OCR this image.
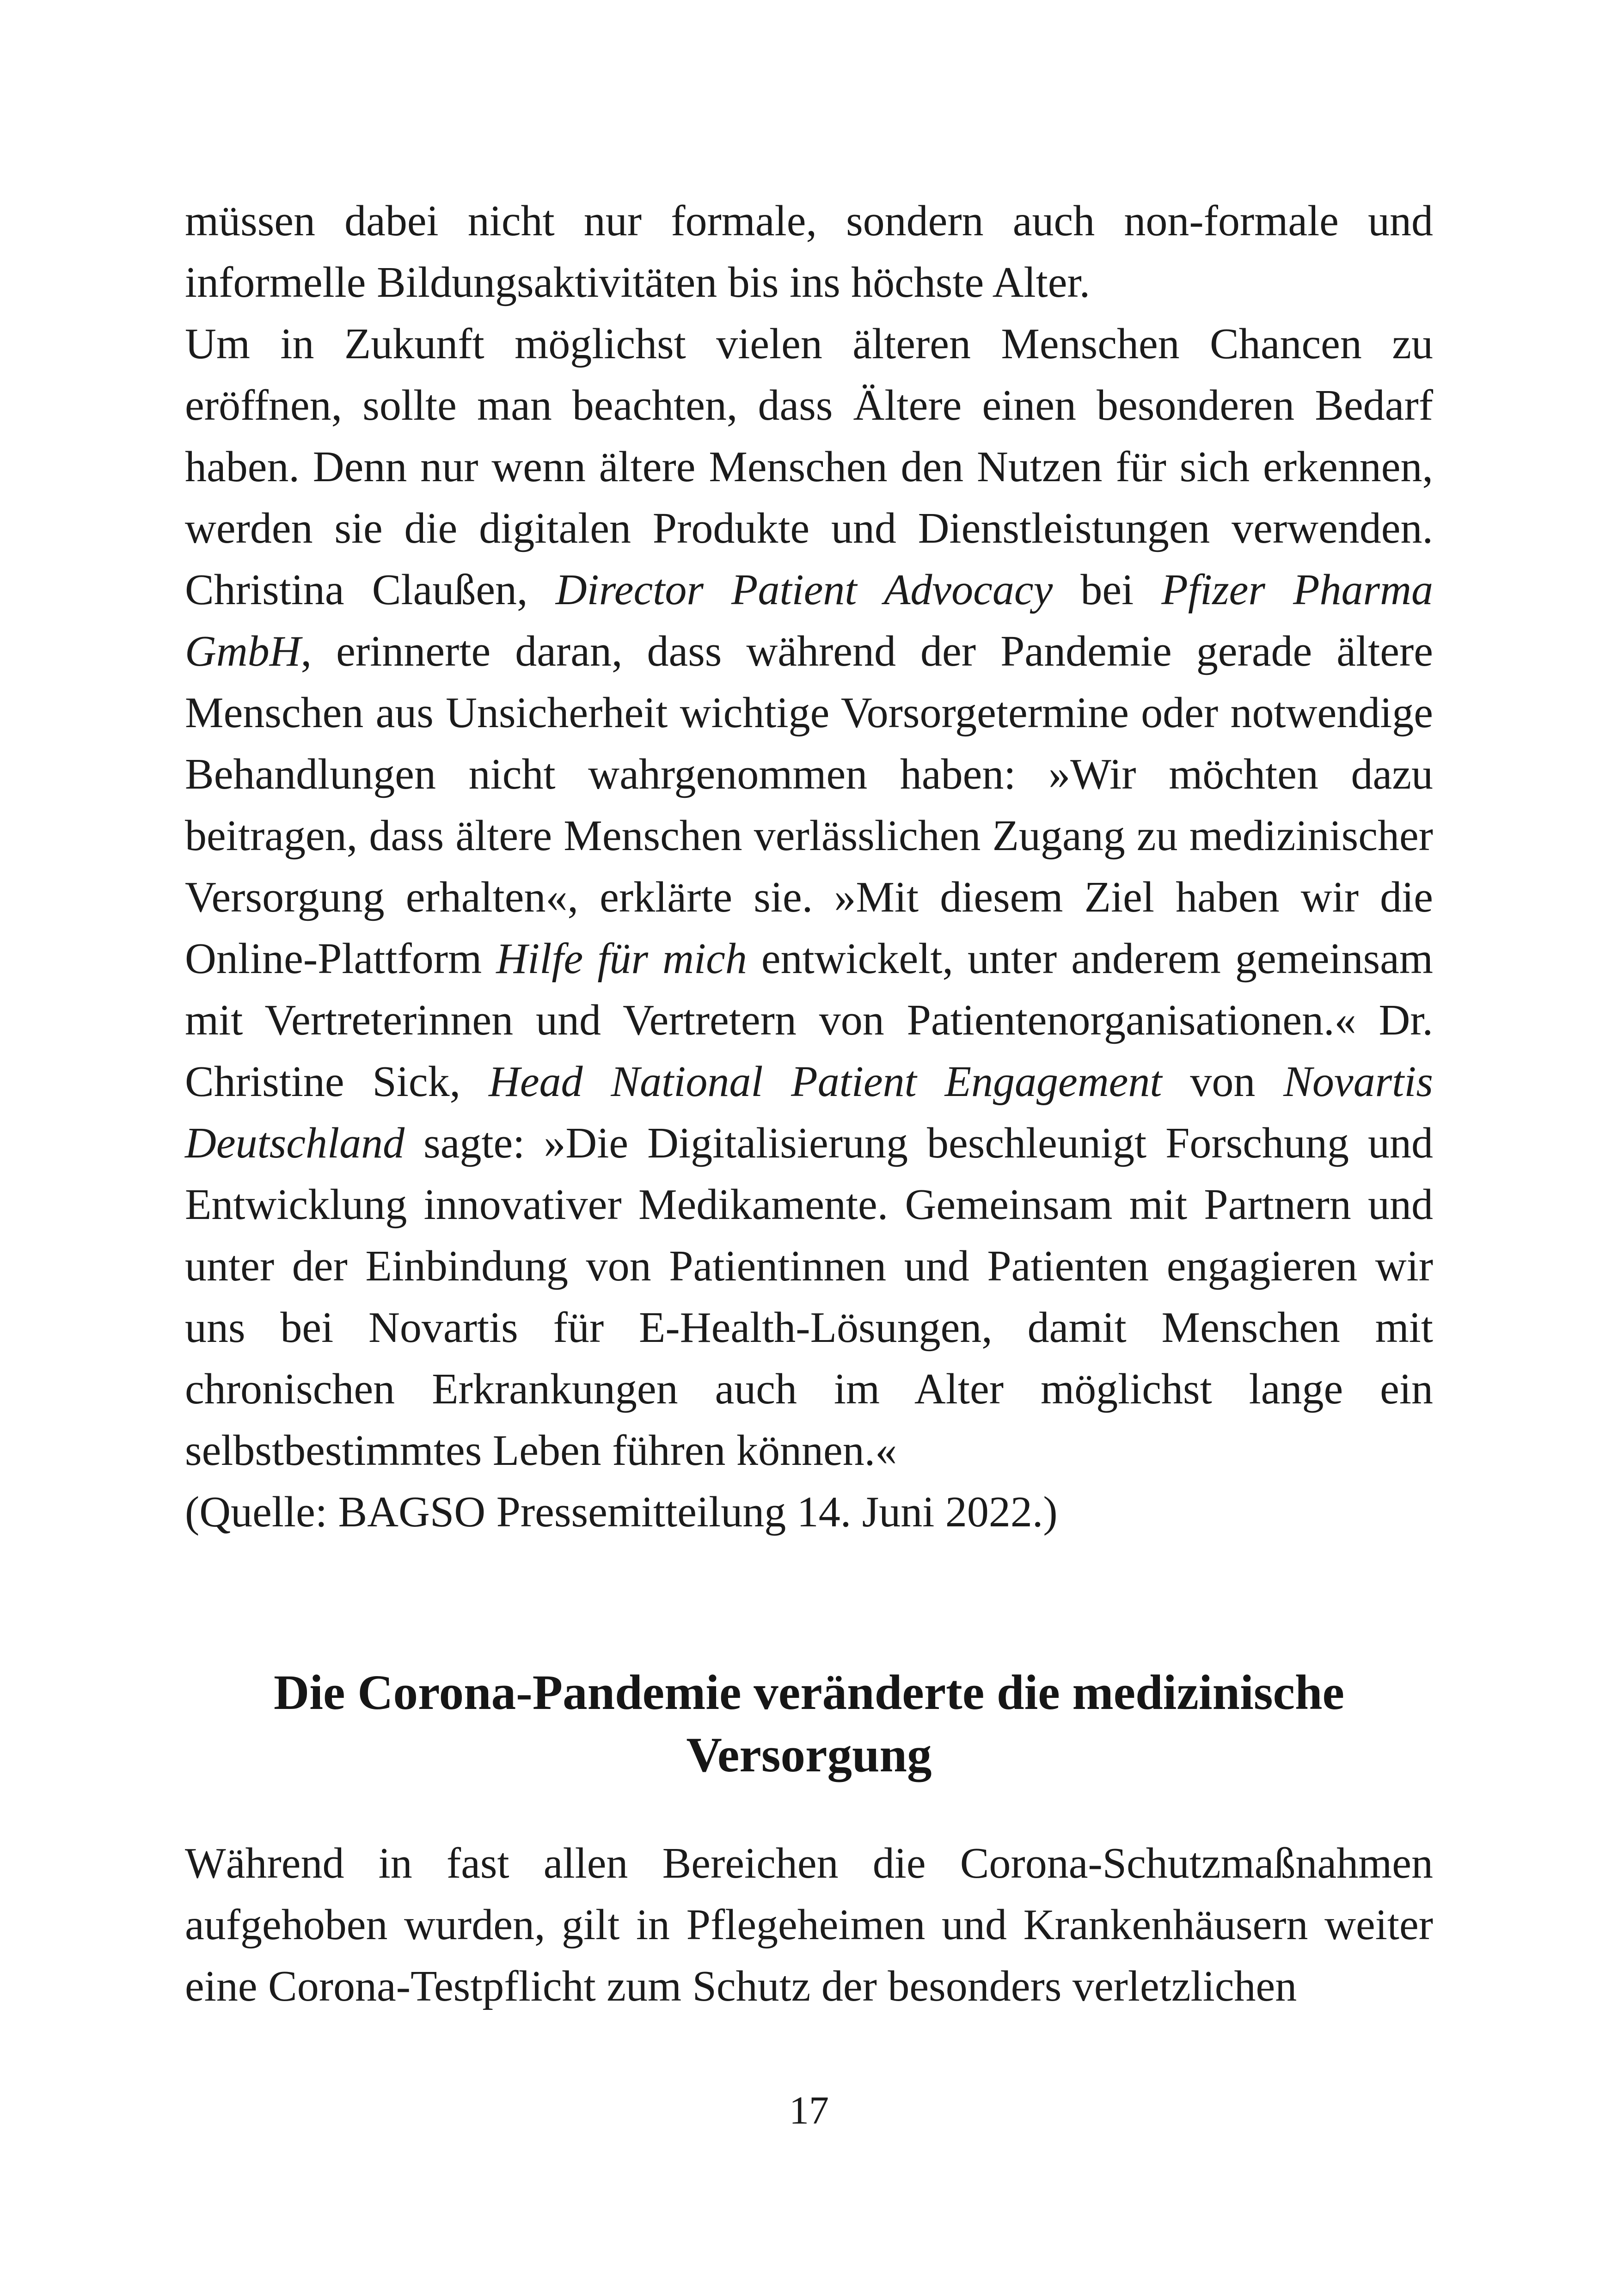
müssen dabei nicht nur formale, sondern auch non-formale und informelle Bildungsaktivitäten bis ins höchste Alter.

Um in Zukunft möglichst vielen älteren Menschen Chancen zu eröffnen, sollte man beachten, dass Ältere einen besonderen Bedarf haben. Denn nur wenn ältere Menschen den Nutzen für sich erkennen, werden sie die digitalen Produkte und Dienstleistungen verwenden. Christina Claußen, Director Patient Advocacy bei Pfizer Pharma GmbH, erinnerte daran, dass während der Pandemie gerade ältere Menschen aus Unsicherheit wichtige Vorsorgetermine oder notwendige Behandlungen nicht wahrgenommen haben: »Wir möchten dazu beitragen, dass ältere Menschen verlässlichen Zugang zu medizinischer Versorgung erhalten«, erklärte sie. »Mit diesem Ziel haben wir die Online-Plattform Hilfe für mich entwickelt, unter anderem gemeinsam mit Vertreterinnen und Vertretern von Patientenorganisationen.« Dr. Christine Sick, Head National Patient Engagement von Novartis Deutschland sagte: »Die Digitalisierung beschleunigt Forschung und Entwicklung innovativer Medikamente. Gemeinsam mit Partnern und unter der Einbindung von Patientinnen und Patienten engagieren wir uns bei Novartis für E-Health-Lösungen, damit Menschen mit chronischen Erkrankungen auch im Alter möglichst lange ein selbstbestimmtes Leben führen können.«

(Quelle: BAGSO Pressemitteilung 14. Juni 2022.)

Die Corona-Pandemie veränderte die medizinische Versorgung

Während in fast allen Bereichen die Corona-Schutzmaßnahmen aufgehoben wurden, gilt in Pflegeheimen und Krankenhäusern weiter eine Corona-Testpflicht zum Schutz der besonders verletzlichen

17
